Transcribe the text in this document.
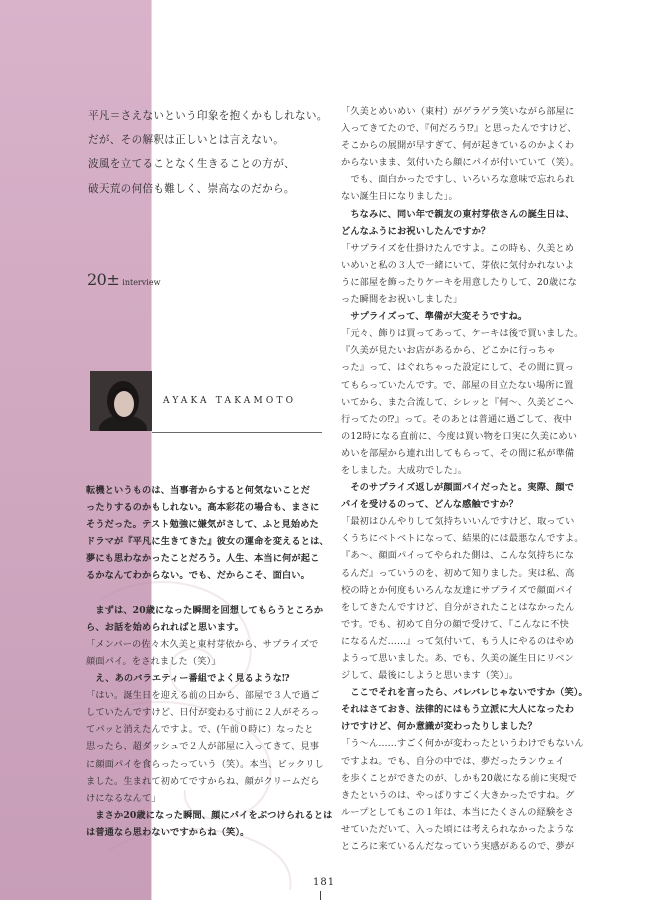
平凡＝さえないという印象を抱くかもしれない。
だが、その解釈は正しいとは言えない。
波風を立てることなく生きることの方が、
破天荒の何倍も難しく、崇高なのだから。
20± interview
AYAKA TAKAMOTO
転機というものは、当事者からすると何気ないことだ
ったりするのかもしれない。高本彩花の場合も、まさに
そうだった。テスト勉強に嫌気がさして、ふと見始めた
ドラマが『平凡に生きてきた』彼女の運命を変えるとは、
夢にも思わなかったことだろう。人生、本当に何が起こ
るかなんてわからない。でも、だからこそ、面白い。
　まずは、20歳になった瞬間を回想してもらうところか
ら、お話を始められればと思います。
「メンバーの佐々木久美と東村芽依から、サプライズで
顔面パイ。をされました（笑）」
　え、あのバラエティー番組でよく見るような⁉
「はい。誕生日を迎える前の日から、部屋で３人で過ご
していたんですけど、日付が変わる寸前に２人がそろっ
てパッと消えたんですよ。で、(午前０時に）なったと
思ったら、超ダッシュで２人が部屋に入ってきて、見事
に顔面パイを食らったっていう（笑）。本当、ビックリし
ました。生まれて初めてですからね、顔がクリームだら
けになるなんて」
　まさか20歳になった瞬間、顔にパイをぶつけられるとは
は普通なら思わないですからね（笑）。
「久美とめいめい（東村）がゲラゲラ笑いながら部屋に
入ってきてたので、『何だろう⁉』と思ったんですけど、
そこからの展開が早すぎて、何が起きているのかよくわ
からないまま、気付いたら顔にパイが付いていて（笑）。
　でも、面白かったですし、いろいろな意味で忘れられ
ない誕生日になりました」。
　ちなみに、同い年で親友の東村芽依さんの誕生日は、
どんなふうにお祝いしたんですか？
「サプライズを仕掛けたんですよ。この時も、久美とめ
いめいと私の３人で一緒にいて、芽依に気付かれないよ
うに部屋を飾ったりケーキを用意したりして、20歳にな
った瞬間をお祝いしました」
　サプライズって、準備が大変そうですね。
「元々、飾りは買ってあって、ケーキは後で買いました。
『久美が見たいお店があるから、どこかに行っちゃ
った』って、はぐれちゃった設定にして、その間に買っ
てもらっていたんです。で、部屋の目立たない場所に置
いてから、また合流して、シレッと『何～、久美どこへ
行ってたの⁉』って。そのあとは普通に過ごして、夜中
の12時になる直前に、今度は買い物を口実に久美にめい
めいを部屋から連れ出してもらって、その間に私が準備
をしました。大成功でした」。
　そのサプライズ返しが顔面パイだったと。実際、顔で
パイを受けるのって、どんな感触ですか？
「最初はひんやりして気持ちいいんですけど、取ってい
くうちにベトベトになって、結果的には最悪なんですよ。
『あ～、顔面パイってやられた側は、こんな気持ちにな
るんだ』っていうのを、初めて知りました。実は私、高
校の時とか何度もいろんな友達にサプライズで顔面パイ
をしてきたんですけど、自分がされたことはなかったん
です。でも、初めて自分の顔で受けて、『こんなに不快
になるんだ……』って気付いて、もう人にやるのはやめ
ようって思いました。あ、でも、久美の誕生日にリベン
ジして、最後にしようと思います（笑）」。
　ここでそれを言ったら、バレバレじゃないですか（笑）。
それはさておき、法律的にはもう立派に大人になったわ
けですけど、何か意識が変わったりしました？
「う～ん……すごく何かが変わったというわけでもないん
ですよね。でも、自分の中では、夢だったランウェイ
を歩くことができたのが、しかも20歳になる前に実現で
きたというのは、やっぱりすごく大きかったですね。グ
ループとしてもこの１年は、本当にたくさんの経験をさ
せていただいて、入った頃には考えられなかったような
ところに来ているんだなっていう実感があるので、夢が
181
